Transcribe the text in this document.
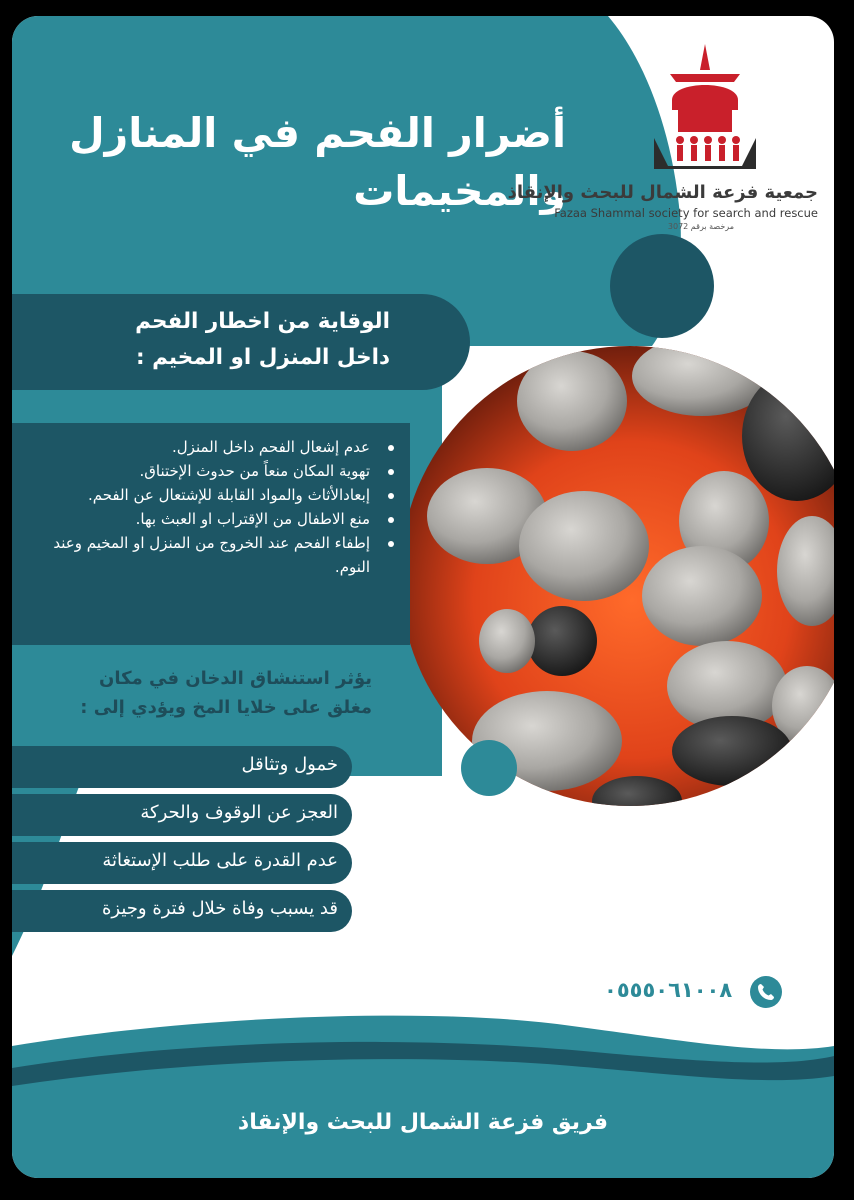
أضرار الفحم في المنازل
والمخيمات
جمعية فزعة الشمال للبحث والإنقاذ
Fazaa Shammal society for search and rescue
مرخصة برقم 3072
الوقاية من اخطار الفحم
داخل المنزل او المخيم :
عدم إشعال الفحم داخل المنزل.
تهوية المكان منعاً من حدوث الإختناق.
إبعادالأثاث والمواد القابلة للإشتعال عن الفحم.
منع الاطفال من الإقتراب او العبث بها.
إطفاء الفحم عند الخروج من المنزل او المخيم وعند النوم.
يؤثر استنشاق الدخان في مكان
مغلق على خلايا المخ ويؤدي إلى :
خمول وتثاقل
العجز عن الوقوف والحركة
عدم القدرة على طلب الإستغاثة
قد يسبب وفاة خلال فترة وجيزة
٠٥٥٥٠٦١٠٠٨
فريق فزعة الشمال للبحث والإنقاذ
